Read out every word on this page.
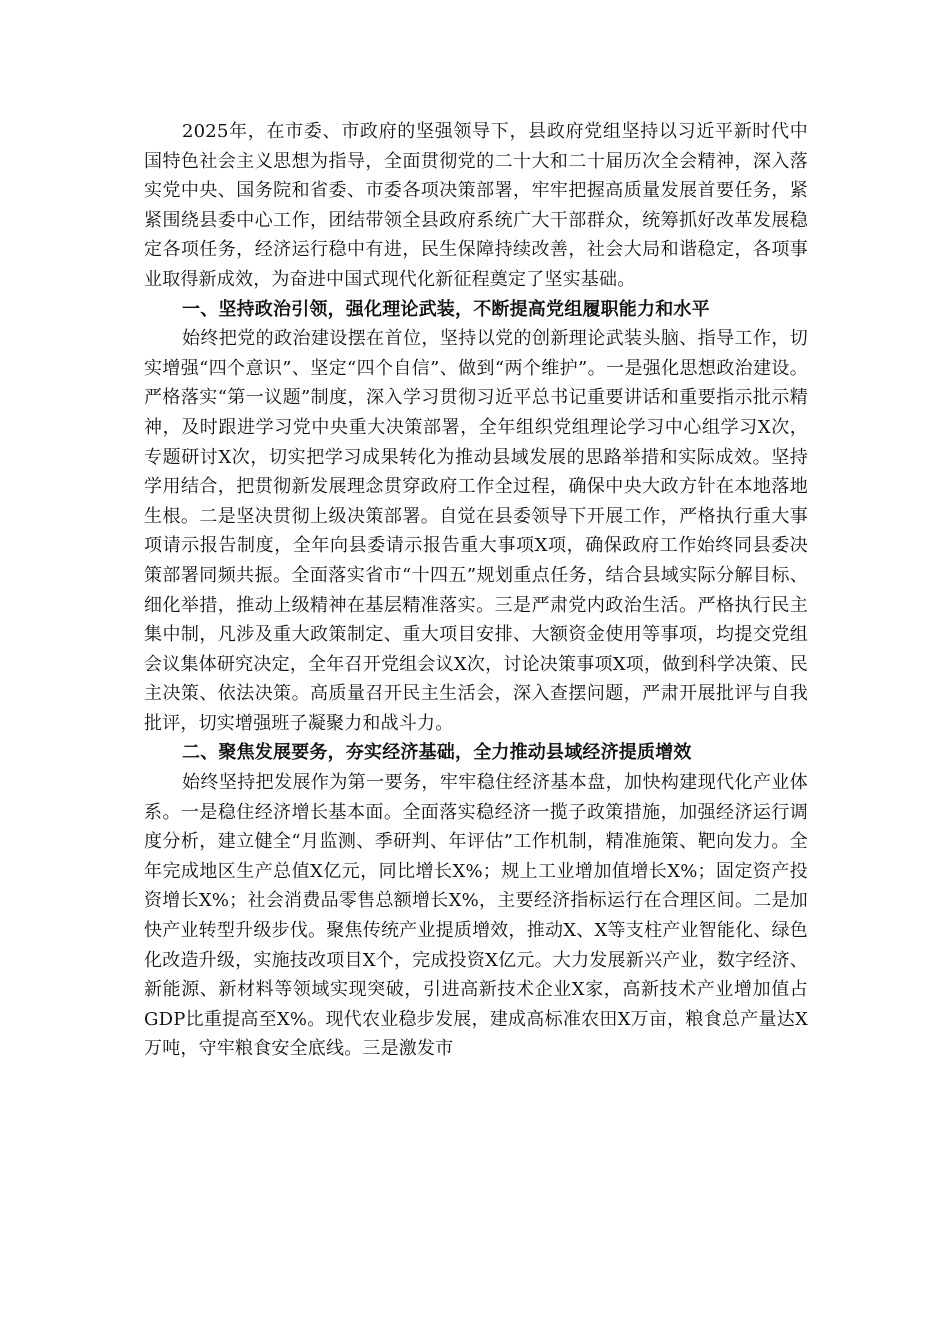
2025年，在市委、市政府的坚强领导下，县政府党组坚持以习近平新时代中国特色社会主义思想为指导，全面贯彻党的二十大和二十届历次全会精神，深入落实党中央、国务院和省委、市委各项决策部署，牢牢把握高质量发展首要任务，紧紧围绕县委中心工作，团结带领全县政府系统广大干部群众，统筹抓好改革发展稳定各项任务，经济运行稳中有进，民生保障持续改善，社会大局和谐稳定，各项事业取得新成效，为奋进中国式现代化新征程奠定了坚实基础。

一、坚持政治引领，强化理论武装，不断提高党组履职能力和水平

始终把党的政治建设摆在首位，坚持以党的创新理论武装头脑、指导工作，切实增强“四个意识”、坚定“四个自信”、做到“两个维护”。一是强化思想政治建设。严格落实“第一议题”制度，深入学习贯彻习近平总书记重要讲话和重要指示批示精神，及时跟进学习党中央重大决策部署，全年组织党组理论学习中心组学习X次，专题研讨X次，切实把学习成果转化为推动县域发展的思路举措和实际成效。坚持学用结合，把贯彻新发展理念贯穿政府工作全过程，确保中央大政方针在本地落地生根。二是坚决贯彻上级决策部署。自觉在县委领导下开展工作，严格执行重大事项请示报告制度，全年向县委请示报告重大事项X项，确保政府工作始终同县委决策部署同频共振。全面落实省市“十四五”规划重点任务，结合县域实际分解目标、细化举措，推动上级精神在基层精准落实。三是严肃党内政治生活。严格执行民主集中制，凡涉及重大政策制定、重大项目安排、大额资金使用等事项，均提交党组会议集体研究决定，全年召开党组会议X次，讨论决策事项X项，做到科学决策、民主决策、依法决策。高质量召开民主生活会，深入查摆问题，严肃开展批评与自我批评，切实增强班子凝聚力和战斗力。

二、聚焦发展要务，夯实经济基础，全力推动县域经济提质增效

始终坚持把发展作为第一要务，牢牢稳住经济基本盘，加快构建现代化产业体系。一是稳住经济增长基本面。全面落实稳经济一揽子政策措施，加强经济运行调度分析，建立健全“月监测、季研判、年评估”工作机制，精准施策、靶向发力。全年完成地区生产总值X亿元，同比增长X%；规上工业增加值增长X%；固定资产投资增长X%；社会消费品零售总额增长X%，主要经济指标运行在合理区间。二是加快产业转型升级步伐。聚焦传统产业提质增效，推动X、X等支柱产业智能化、绿色化改造升级，实施技改项目X个，完成投资X亿元。大力发展新兴产业，数字经济、新能源、新材料等领域实现突破，引进高新技术企业X家，高新技术产业增加值占GDP比重提高至X%。现代农业稳步发展，建成高标准农田X万亩，粮食总产量达X万吨，守牢粮食安全底线。三是激发市
